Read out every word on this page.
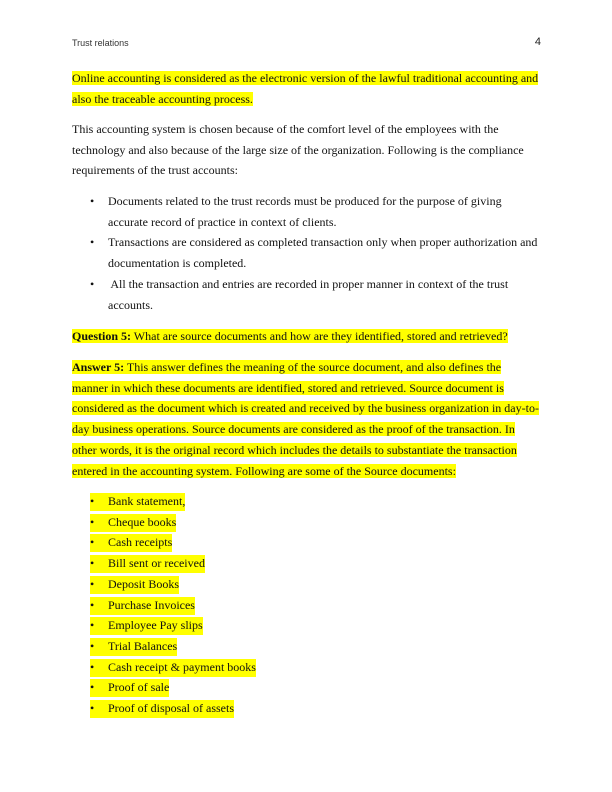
Trust relations	4
Online accounting is considered as the electronic version of the lawful traditional accounting and also the traceable accounting process.
This accounting system is chosen because of the comfort level of the employees with the technology and also because of the large size of the organization. Following is the compliance requirements of the trust accounts:
• Documents related to the trust records must be produced for the purpose of giving
accurate record of practice in context of clients.
• Transactions are considered as completed transaction only when proper authorization and
documentation is completed.
• All the transaction and entries are recorded in proper manner in context of the trust
accounts.
Question 5: What are source documents and how are they identified, stored and retrieved?
Answer 5: This answer defines the meaning of the source document, and also defines the
manner in which these documents are identified, stored and retrieved. Source document is
considered as the document which is created and received by the business organization in day-to-
day business operations. Source documents are considered as the proof of the transaction. In
other words, it is the original record which includes the details to substantiate the transaction
entered in the accounting system. Following are some of the Source documents:
• Bank statement,
• Cheque books
• Cash receipts
• Bill sent or received
• Deposit Books
• Purchase Invoices
• Employee Pay slips
• Trial Balances
• Cash receipt & payment books
• Proof of sale
• Proof of disposal of assets
